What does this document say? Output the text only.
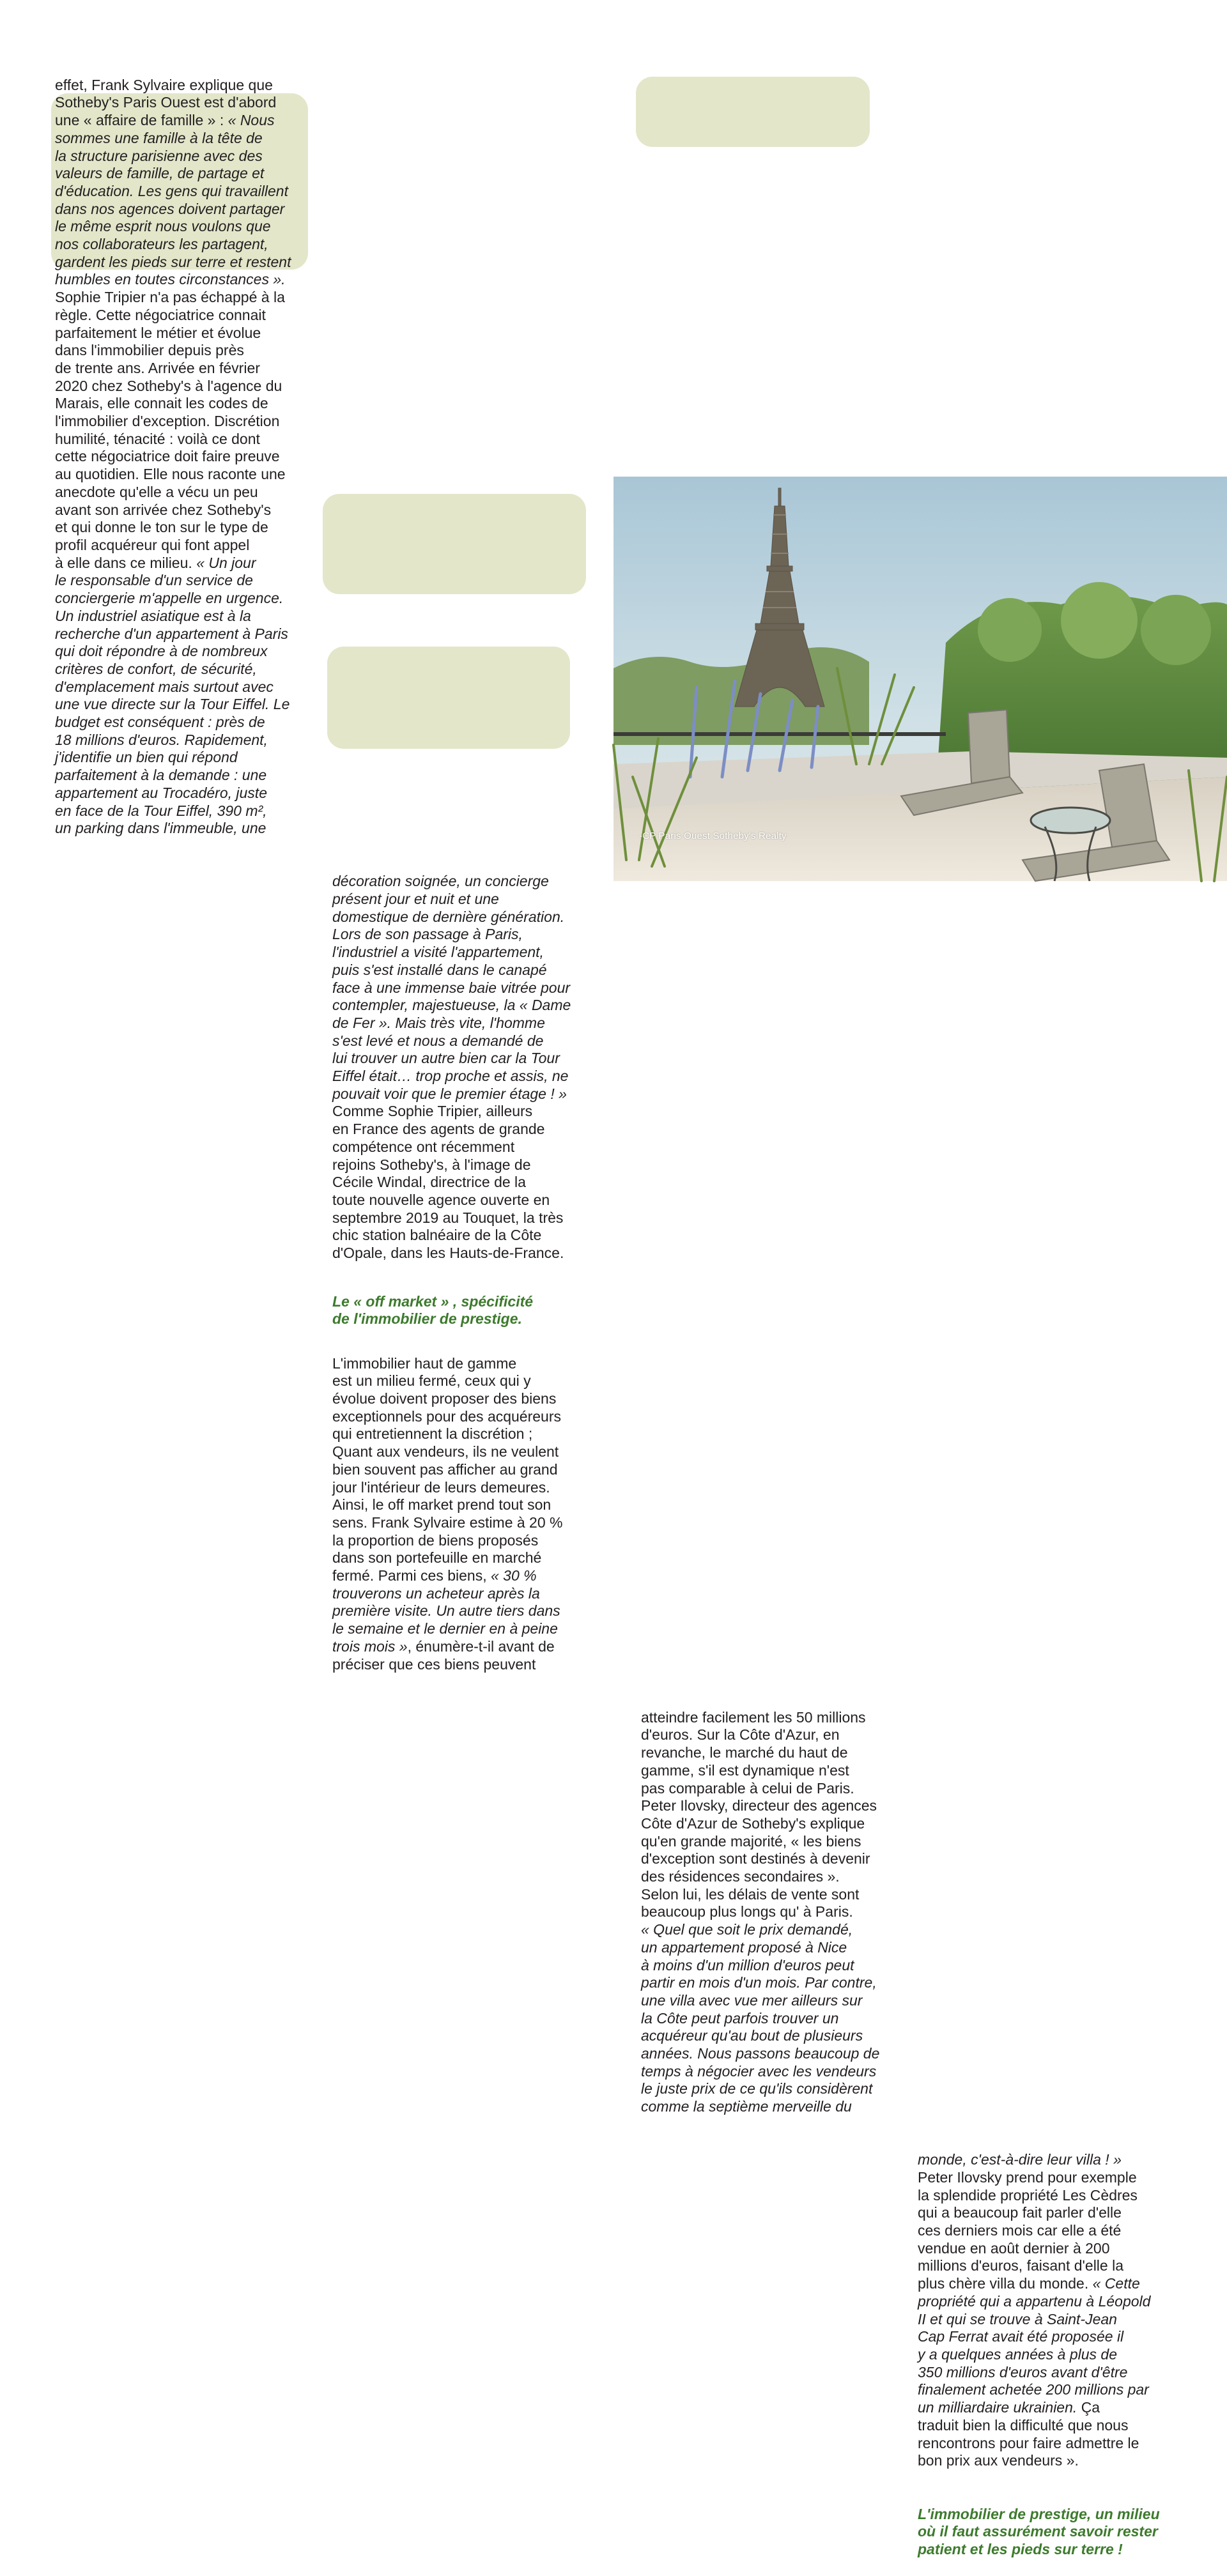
effet, Frank Sylvaire explique que
Sotheby's Paris Ouest est d'abord
une « affaire de famille » : « Nous
sommes une famille à la tête de
la structure parisienne avec des
valeurs de famille, de partage et
d'éducation. Les gens qui travaillent
dans nos agences doivent partager
le même esprit nous voulons que
nos collaborateurs les partagent,
gardent les pieds sur terre et restent
humbles en toutes circonstances ».
Sophie Tripier n'a pas échappé à la
règle. Cette négociatrice connait
parfaitement le métier et évolue
dans l'immobilier depuis près
de trente ans. Arrivée en février
2020 chez Sotheby's à l'agence du
Marais, elle connait les codes de
l'immobilier d'exception. Discrétion
humilité, ténacité : voilà ce dont
cette négociatrice doit faire preuve
au quotidien. Elle nous raconte une
anecdote qu'elle a vécu un peu
avant son arrivée chez Sotheby's
et qui donne le ton sur le type de
profil acquéreur qui font appel
à elle dans ce milieu. « Un jour
le responsable d'un service de
conciergerie m'appelle en urgence.
Un industriel asiatique est à la
recherche d'un appartement à Paris
qui doit répondre à de nombreux
critères de confort, de sécurité,
d'emplacement mais surtout avec
une vue directe sur la Tour Eiffel. Le
budget est conséquent : près de
18 millions d'euros. Rapidement,
j'identifie un bien qui répond
parfaitement à la demande : une
appartement au Trocadéro, juste
en face de la Tour Eiffel, 390 m²,
un parking dans l'immeuble, une

décoration soignée, un concierge
présent jour et nuit et une
domestique de dernière génération.
Lors de son passage à Paris,
l'industriel a visité l'appartement,
puis s'est installé dans le canapé
face à une immense baie vitrée pour
contempler, majestueuse, la « Dame
de Fer ». Mais très vite, l'homme
s'est levé et nous a demandé de
lui trouver un autre bien car la Tour
Eiffel était… trop proche et assis, ne
pouvait voir que le premier étage ! »
Comme Sophie Tripier, ailleurs
en France des agents de grande
compétence ont récemment
rejoins Sotheby's, à l'image de
Cécile Windal, directrice de la
toute nouvelle agence ouverte en
septembre 2019 au Touquet, la très
chic station balnéaire de la Côte
d'Opale, dans les Hauts-de-France.

Le « off market » , spécificité
de l'immobilier de prestige.

L'immobilier haut de gamme
est un milieu fermé, ceux qui y
évolue doivent proposer des biens
exceptionnels pour des acquéreurs
qui entretiennent la discrétion ;
Quant aux vendeurs, ils ne veulent
bien souvent pas afficher au grand
jour l'intérieur de leurs demeures.
Ainsi, le off market prend tout son
sens. Frank Sylvaire estime à 20 %
la proportion de biens proposés
dans son portefeuille en marché
fermé. Parmi ces biens, « 30 %
trouverons un acheteur après la
première visite. Un autre tiers dans
le semaine et le dernier en à peine
trois mois », énumère-t-il avant de
préciser que ces biens peuvent

atteindre facilement les 50 millions
d'euros. Sur la Côte d'Azur, en
revanche, le marché du haut de
gamme, s'il est dynamique n'est
pas comparable à celui de Paris.
Peter Ilovsky, directeur des agences
Côte d'Azur de Sotheby's explique
qu'en grande majorité, « les biens
d'exception sont destinés à devenir
des résidences secondaires ».
Selon lui, les délais de vente sont
beaucoup plus longs qu' à Paris.
« Quel que soit le prix demandé,
un appartement proposé à Nice
à moins d'un million d'euros peut
partir en mois d'un mois. Par contre,
une villa avec vue mer ailleurs sur
la Côte peut parfois trouver un
acquéreur qu'au bout de plusieurs
années. Nous passons beaucoup de
temps à négocier avec les vendeurs
le juste prix de ce qu'ils considèrent
comme la septième merveille du

monde, c'est-à-dire leur villa ! »
Peter Ilovsky prend pour exemple
la splendide propriété Les Cèdres
qui a beaucoup fait parler d'elle
ces derniers mois car elle a été
vendue en août dernier à 200
millions d'euros, faisant d'elle la
plus chère villa du monde. « Cette
propriété qui a appartenu à Léopold
II et qui se trouve à Saint-Jean
Cap Ferrat avait été proposée il
y a quelques années à plus de
350 millions d'euros avant d'être
finalement achetée 200 millions par
un milliardaire ukrainien. Ça
traduit bien la difficulté que nous
rencontrons pour faire admettre le
bon prix aux vendeurs ».

L'immobilier de prestige, un milieu
où il faut assurément savoir rester
patient et les pieds sur terre !

-CP Paris Ouest Sotheby's Realty
